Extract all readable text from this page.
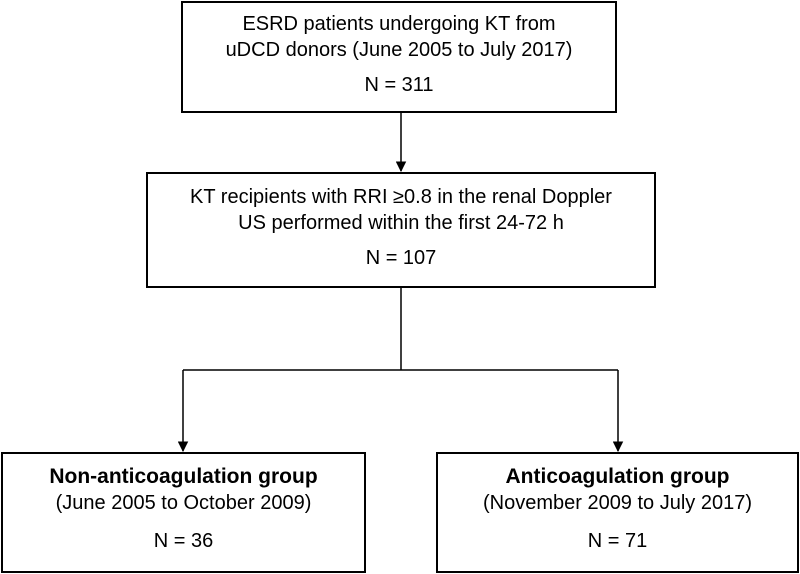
ESRD patients undergoing KT from
uDCD donors (June 2005 to July 2017)
N = 311
KT recipients with RRI ≥0.8 in the renal Doppler
US performed within the first 24-72 h
N = 107
Non-anticoagulation group
(June 2005 to October 2009)
N = 36
Anticoagulation group
(November 2009 to July 2017)
N = 71
